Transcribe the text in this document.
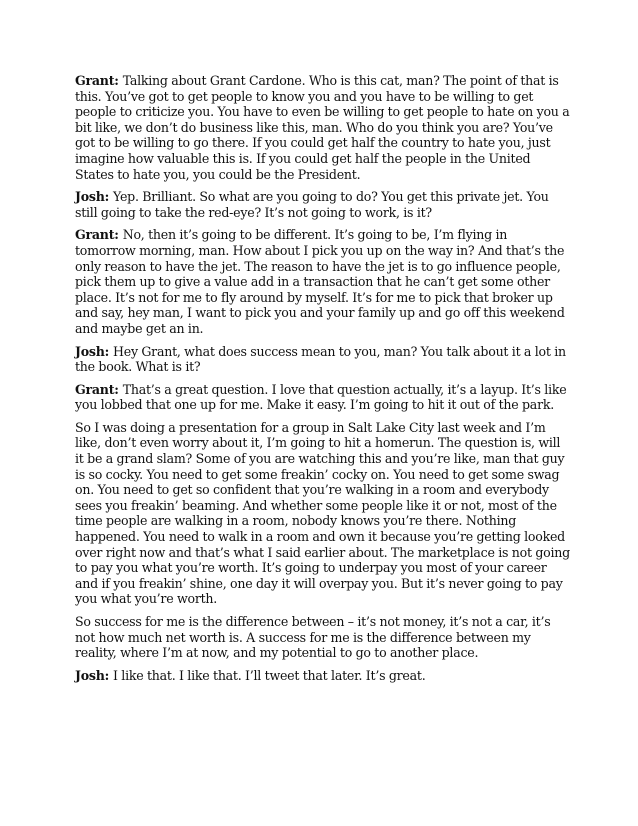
Grant: Talking about Grant Cardone. Who is this cat, man? The point of that is this. You’ve got to get people to know you and you have to be willing to get people to criticize you. You have to even be willing to get people to hate on you a bit like, we don’t do business like this, man. Who do you think you are? You’ve got to be willing to go there. If you could get half the country to hate you, just imagine how valuable this is. If you could get half the people in the United States to hate you, you could be the President.

Josh: Yep. Brilliant. So what are you going to do? You get this private jet. You still going to take the red-eye? It’s not going to work, is it?

Grant: No, then it’s going to be different. It’s going to be, I’m flying in tomorrow morning, man. How about I pick you up on the way in? And that’s the only reason to have the jet. The reason to have the jet is to go influence people, pick them up to give a value add in a transaction that he can’t get some other place. It’s not for me to fly around by myself. It’s for me to pick that broker up and say, hey man, I want to pick you and your family up and go off this weekend and maybe get an in.

Josh: Hey Grant, what does success mean to you, man? You talk about it a lot in the book. What is it?

Grant: That’s a great question. I love that question actually, it’s a layup. It’s like you lobbed that one up for me. Make it easy. I’m going to hit it out of the park.

So I was doing a presentation for a group in Salt Lake City last week and I’m like, don’t even worry about it, I’m going to hit a homerun. The question is, will it be a grand slam? Some of you are watching this and you’re like, man that guy is so cocky. You need to get some freakin’ cocky on. You need to get some swag on. You need to get so confident that you’re walking in a room and everybody sees you freakin’ beaming. And whether some people like it or not, most of the time people are walking in a room, nobody knows you’re there. Nothing happened. You need to walk in a room and own it because you’re getting looked over right now and that’s what I said earlier about. The marketplace is not going to pay you what you’re worth. It’s going to underpay you most of your career and if you freakin’ shine, one day it will overpay you. But it’s never going to pay you what you’re worth.

So success for me is the difference between – it’s not money, it’s not a car, it’s not how much net worth is. A success for me is the difference between my reality, where I’m at now, and my potential to go to another place.

Josh: I like that. I like that. I’ll tweet that later. It’s great.
